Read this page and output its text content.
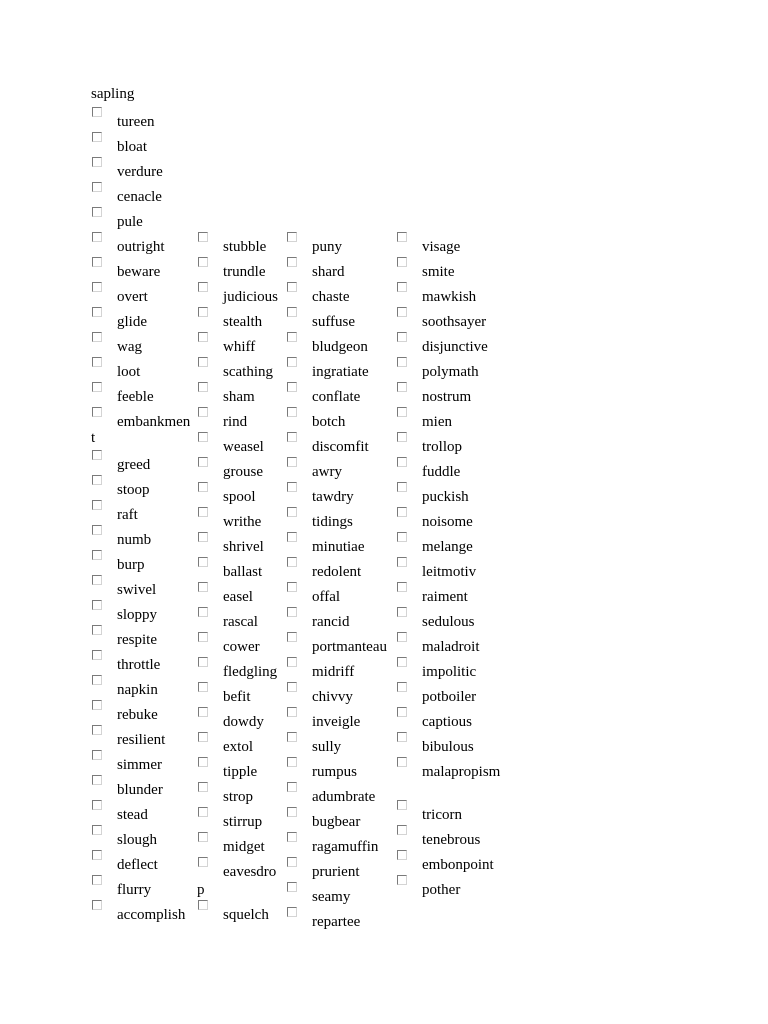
sapling
tureen
bloat
verdure
cenacle
pule
outright
beware
overt
glide
wag
loot
feeble
embankmen
greed
stoop
raft
numb
burp
swivel
sloppy
respite
throttle
napkin
rebuke
resilient
simmer
blunder
stead
slough
deflect
flurry
accomplish
t
stubble
trundle
judicious
stealth
whiff
scathing
sham
rind
weasel
grouse
spool
writhe
shrivel
ballast
easel
rascal
cower
fledgling
befit
dowdy
extol
tipple
strop
stirrup
midget
eavesdro
squelch
p
puny
shard
chaste
suffuse
bludgeon
ingratiate
conflate
botch
discomfit
awry
tawdry
tidings
minutiae
redolent
offal
rancid
portmanteau
midriff
chivvy
inveigle
sully
rumpus
adumbrate
bugbear
ragamuffin
prurient
seamy
repartee
visage
smite
mawkish
soothsayer
disjunctive
polymath
nostrum
mien
trollop
fuddle
puckish
noisome
melange
leitmotiv
raiment
sedulous
maladroit
impolitic
potboiler
captious
bibulous
malapropism
tricorn
tenebrous
embonpoint
pother
